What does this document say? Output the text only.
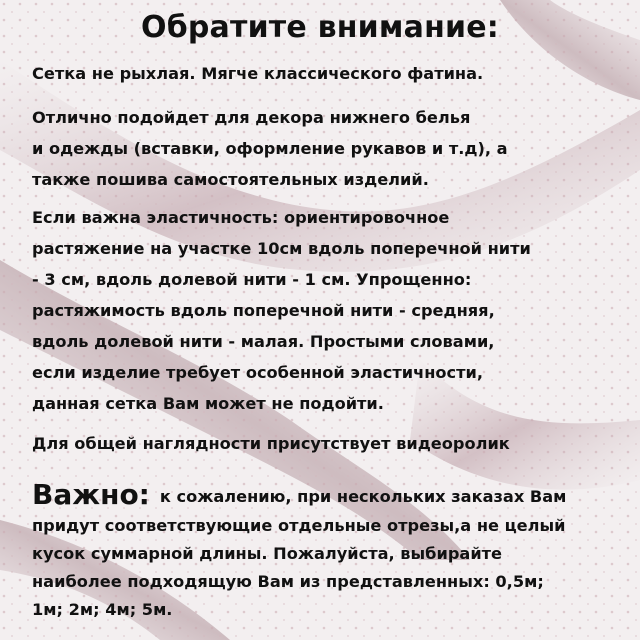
Обратите внимание:
Сетка не рыхлая. Мягче классического фатина.
Отлично подойдет для декора нижнего белья
и одежды (вставки, оформление рукавов и т.д), а
также пошива самостоятельных изделий.
Если важна эластичность: ориентировочное
растяжение на участке 10см вдоль поперечной нити
- 3 см, вдоль долевой нити - 1 см. Упрощенно:
растяжимость вдоль поперечной нити - средняя,
вдоль долевой нити - малая. Простыми словами,
если изделие требует особенной эластичности,
данная сетка Вам может не подойти.
Для общей наглядности присутствует видеоролик
Важно: к сожалению, при нескольких заказах Вам
придут соответствующие отдельные отрезы,а не целый
кусок суммарной длины. Пожалуйста, выбирайте
наиболее подходящую Вам из представленных: 0,5м;
1м; 2м; 4м; 5м.
